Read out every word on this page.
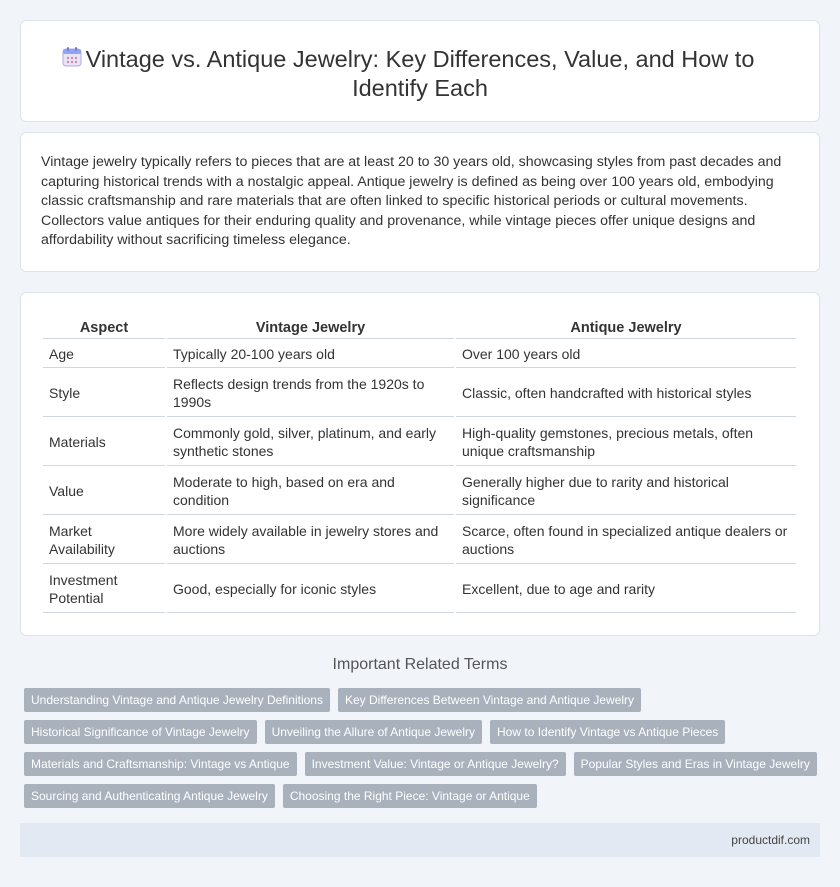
Vintage vs. Antique Jewelry: Key Differences, Value, and How to Identify Each

Vintage jewelry typically refers to pieces that are at least 20 to 30 years old, showcasing styles from past decades and capturing historical trends with a nostalgic appeal. Antique jewelry is defined as being over 100 years old, embodying classic craftsmanship and rare materials that are often linked to specific historical periods or cultural movements. Collectors value antiques for their enduring quality and provenance, while vintage pieces offer unique designs and affordability without sacrificing timeless elegance.

Aspect	Vintage Jewelry	Antique Jewelry
Age	Typically 20-100 years old	Over 100 years old
Style	Reflects design trends from the 1920s to 1990s	Classic, often handcrafted with historical styles
Materials	Commonly gold, silver, platinum, and early synthetic stones	High-quality gemstones, precious metals, often unique craftsmanship
Value	Moderate to high, based on era and condition	Generally higher due to rarity and historical significance
Market Availability	More widely available in jewelry stores and auctions	Scarce, often found in specialized antique dealers or auctions
Investment Potential	Good, especially for iconic styles	Excellent, due to age and rarity
Important Related Terms
Understanding Vintage and Antique Jewelry Definitions	Key Differences Between Vintage and Antique Jewelry
Historical Significance of Vintage Jewelry	Unveiling the Allure of Antique Jewelry	How to Identify Vintage vs Antique Pieces
Materials and Craftsmanship: Vintage vs Antique	Investment Value: Vintage or Antique Jewelry?	Popular Styles and Eras in Vintage Jewelry
Sourcing and Authenticating Antique Jewelry	Choosing the Right Piece: Vintage or Antique
productdif.com
